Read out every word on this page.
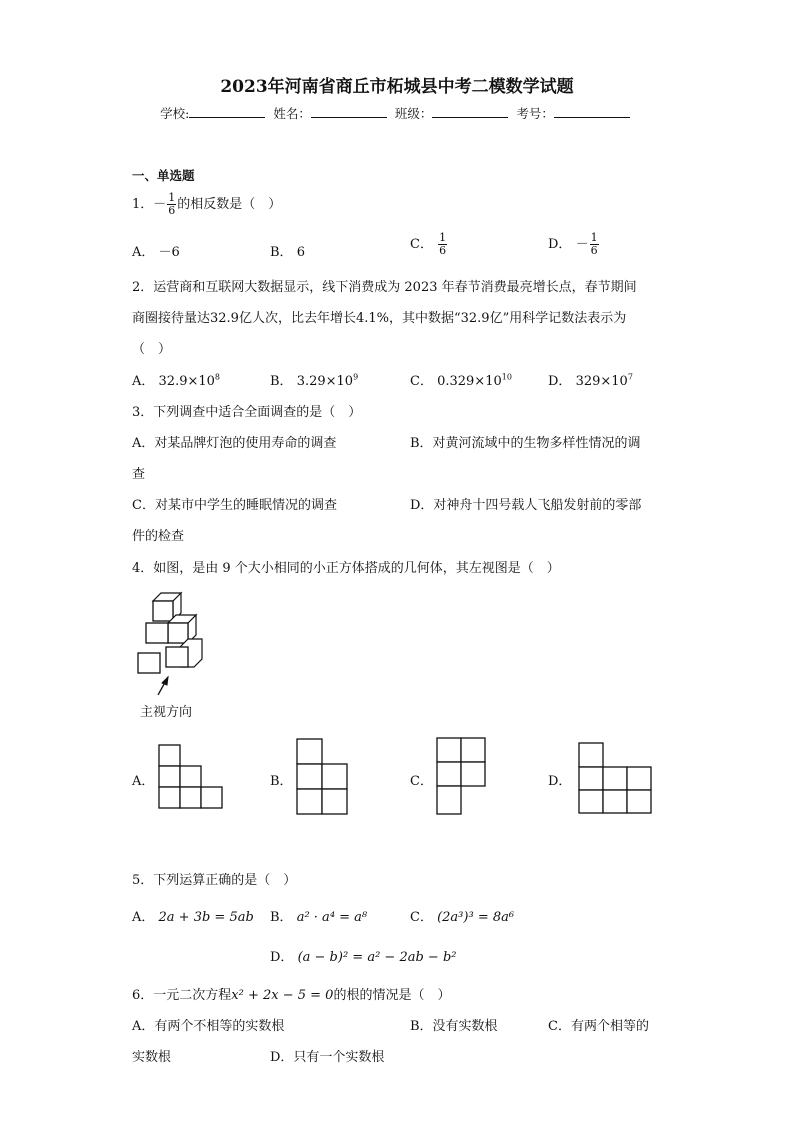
2023年河南省商丘市柘城县中考二模数学试题
学校:	姓名：	班级：	考号：
一、单选题
1．－ $\frac{1}{6}$ 的相反数是（　）
A． －6	B． 6
C． $\frac{1}{6}$	D． － $\frac{1}{6}$
2．运营商和互联网大数据显示，线下消费成为 2023 年春节消费最亮增长点，春节期间
商圈接待量达32.9亿人次，比去年增长4.1%，其中数据“32.9亿”用科学记数法表示为
（　）
A． $32.9\times 10^8$	B． $3.29\times 10^9$	C． $0.329\times 10^{10}$	D． $329\times 10^7$
3．下列调查中适合全面调查的是（　）
A．对某品牌灯泡的使用寿命的调查	B．对黄河流域中的生物多样性情况的调
查
C．对某市中学生的睡眠情况的调查	D．对神舟十四号载人飞船发射前的零部
件的检查
4．如图，是由 9 个大小相同的小正方体搭成的几何体，其左视图是（　）
主视方向
A．	B．	C．	D．
5．下列运算正确的是（　）
A． 2a + 3b = 5ab B． a² · a⁴ = a⁸	C． (2a³)³ = 8a⁶
D． (a − b)² = a² − 2ab − b²
6．一元二次方程x² + 2x − 5 = 0的根的情况是（　）
A．有两个不相等的实数根	B．没有实数根	C．有两个相等的
实数根	D．只有一个实数根
